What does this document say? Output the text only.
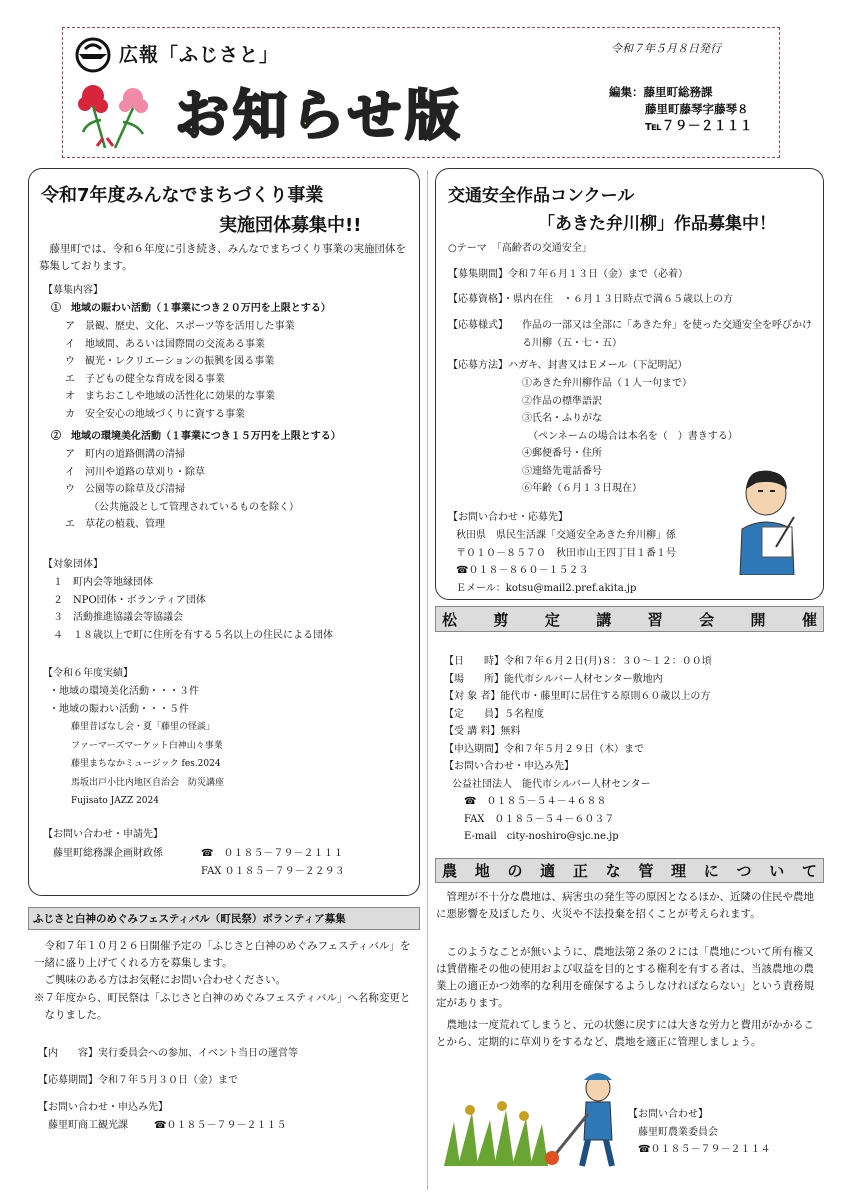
広報「ふじさと」	令和７年５月８日発行
お知らせ版	編集：藤里町総務課
藤里町藤琴字藤琴８
℡７９－２１１１
令和7年度みんなでまちづくり事業
実施団体募集中!!
藤里町では、令和６年度に引き続き、みんなでまちづくり事業の実施団体を募集しております。
【募集内容】
①　地域の賑わい活動（１事業につき２０万円を上限とする）
ア　景観、歴史、文化、スポーツ等を活用した事業
イ　地域間、あるいは国際間の交流ある事業
ウ　観光・レクリエーションの振興を図る事業
エ　子どもの健全な育成を図る事業
オ　まちおこしや地域の活性化に効果的な事業
カ　安全安心の地域づくりに資する事業
②　地域の環境美化活動（１事業につき１５万円を上限とする）
ア　町内の道路側溝の清掃
イ　河川や道路の草刈り・除草
ウ　公園等の除草及び清掃
（公共施設として管理されているものを除く）
エ　草花の植栽、管理
【対象団体】
１　町内会等地縁団体
２　NPO団体・ボランティア団体
３　活動推進協議会等協議会
４　１８歳以上で町に住所を有する５名以上の住民による団体
【令和６年度実績】
・地域の環境美化活動・・・３件
・地域の賑わい活動・・・５件
藤里昔ばなし会・夏「藤里の怪談」
ファーマーズマーケット白神山々事業
藤里まちなかミュージック fes.2024
馬坂出戸小比内地区自治会　防災講座
Fujisato JAZZ 2024
【お問い合わせ・申請先】
藤里町総務課企画財政係	☎　０１８５－７９－２１１１
FAX ０１８５－７９－２２９３
ふじさと白神のめぐみフェスティバル（町民祭）ボランティア募集
令和７年１０月２６日開催予定の「ふじさと白神のめぐみフェスティバル」を一緒に盛り上げてくれる方を募集します。
ご興味のある方はお気軽にお問い合わせください。
※７年度から、町民祭は「ふじさと白神のめぐみフェスティバル」へ名称変更となりました。
【内　　容】実行委員会への参加、イベント当日の運営等
【応募期間】令和７年５月３０日（金）まで
【お問い合わせ・申込み先】
藤里町商工観光課	☎０１８５－７９－２１１５
交通安全作品コンクール
「あきた弁川柳」作品募集中！
○テーマ　「高齢者の交通安全」
【募集期間】令和７年６月１３日（金）まで（必着）
【応募資格】・県内在住　・６月１３日時点で満６５歳以上の方
【応募様式】 作品の一部又は全部に「あきた弁」を使った交通安全を呼びかける川柳（五・七・五）
【応募方法】ハガキ、封書又はＥメール（下記明記）
①あきた弁川柳作品（１人一句まで）
②作品の標準語訳
③氏名・ふりがな
（ペンネームの場合は本名を（　）書きする）
④郵便番号・住所
⑤連絡先電話番号
⑥年齢（６月１３日現在）
【お問い合わせ・応募先】
秋田県　県民生活課「交通安全あきた弁川柳」係
〒０１０－８５７０　秋田市山王四丁目１番１号
☎０１８－８６０－１５２３
Ｅメール：kotsu@mail2.pref.akita.jp
松 剪 定 講 習 会 開 催
【日　　時】令和７年６月２日(月)８：３０～１２：００頃
【場　　所】能代市シルバー人材センター敷地内
【対 象 者】能代市・藤里町に居住する原則６０歳以上の方
【定　　員】５名程度
【受 講 料】無料
【申込期間】令和７年５月２９日（木）まで
【お問い合わせ・申込み先】
公益社団法人　能代市シルバー人材センター
☎　０１８５－５４－４６８８
FAX　０１８５－５４－６０３７
E-mail　city-noshiro@sjc.ne.jp
農 地 の 適 正 な 管 理 に つ い て
管理が不十分な農地は、病害虫の発生等の原因となるほか、近隣の住民や農地に悪影響を及ぼしたり、火災や不法投棄を招くことが考えられます。
このようなことが無いように、農地法第２条の２には「農地について所有権又は賃借権その他の使用および収益を目的とする権利を有する者は、当該農地の農業上の適正かつ効率的な利用を確保するようしなければならない」という責務規定があります。
農地は一度荒れてしまうと、元の状態に戻すには大きな労力と費用がかかることから、定期的に草刈りをするなど、農地を適正に管理しましょう。
【お問い合わせ】
藤里町農業委員会
☎０１８５－７９－２１１４
